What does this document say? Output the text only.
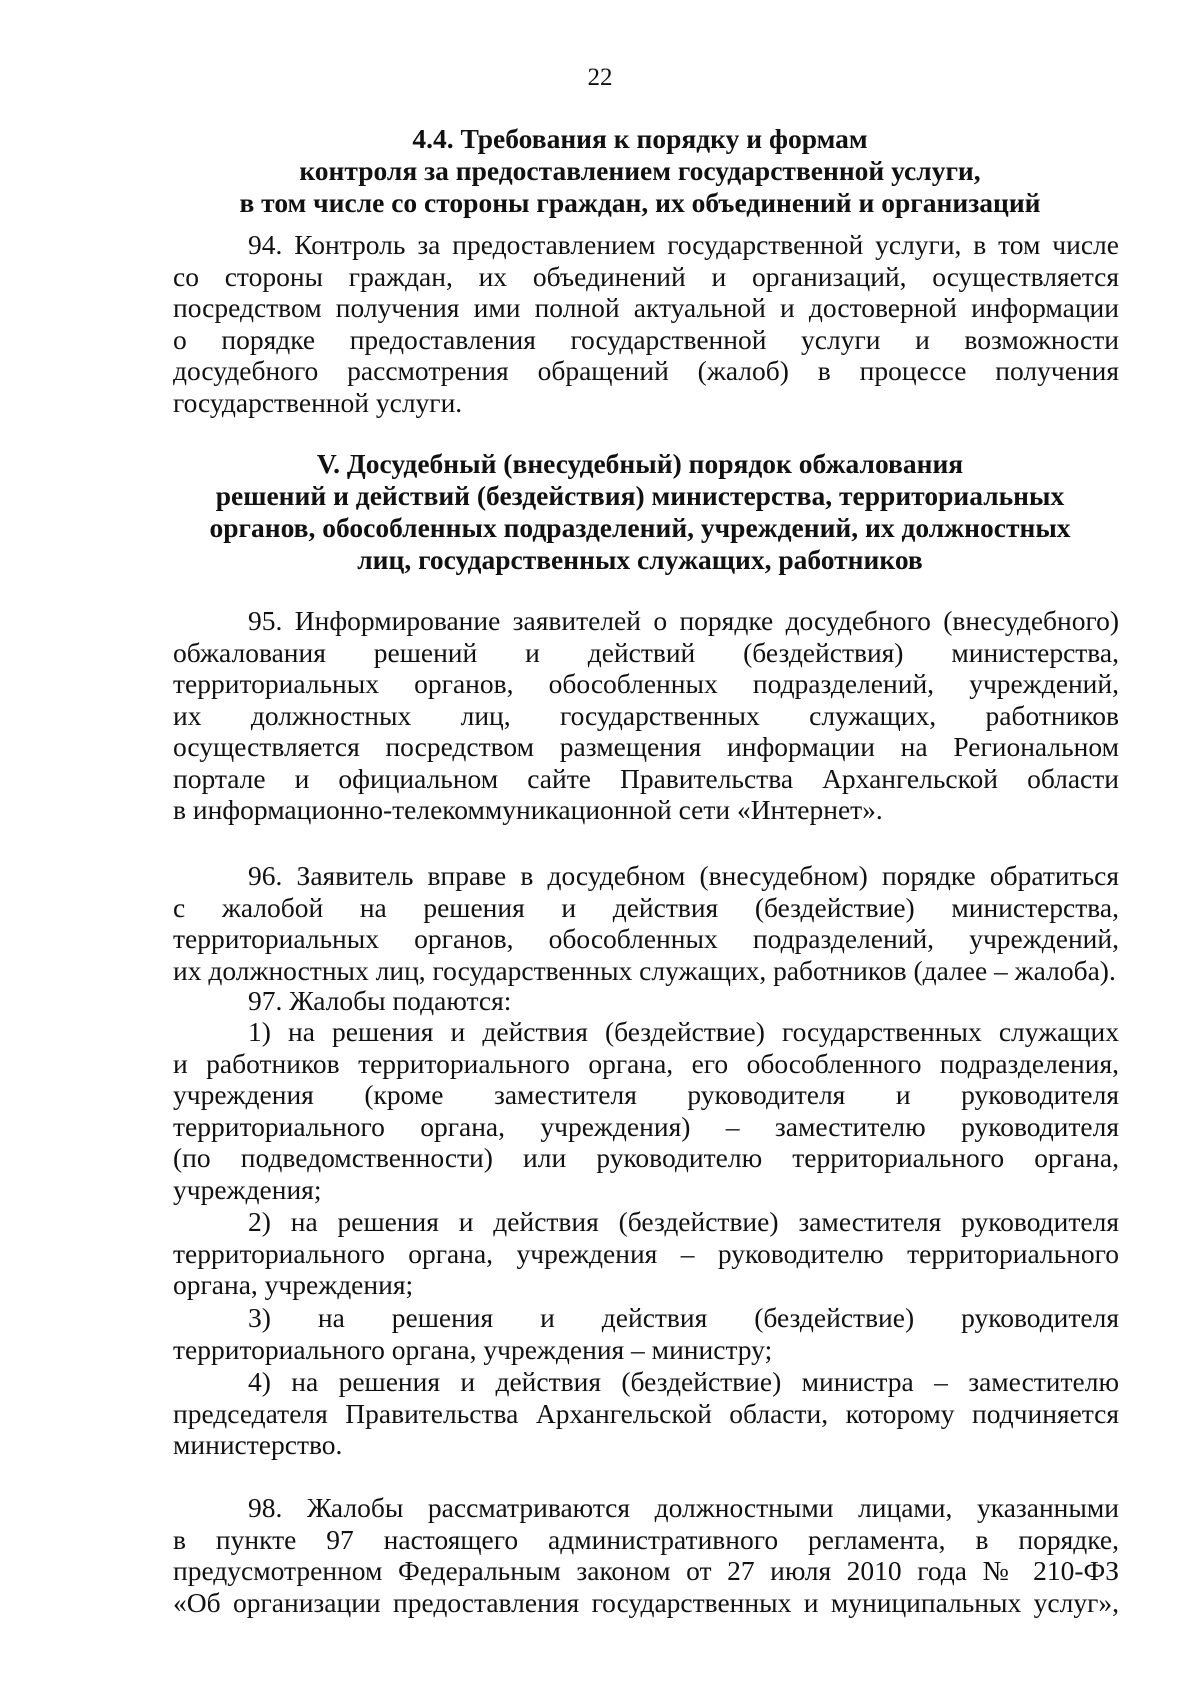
22
4.4. Требования к порядку и формам
контроля за предоставлением государственной услуги,
в том числе со стороны граждан, их объединений и организаций
94. Контроль за предоставлением государственной услуги, в том числе
со стороны граждан, их объединений и организаций, осуществляется
посредством получения ими полной актуальной и достоверной информации
о порядке предоставления государственной услуги и возможности
досудебного рассмотрения обращений (жалоб) в процессе получения
государственной услуги.
V. Досудебный (внесудебный) порядок обжалования
решений и действий (бездействия) министерства, территориальных
органов, обособленных подразделений, учреждений, их должностных
лиц, государственных служащих, работников
95. Информирование заявителей о порядке досудебного (внесудебного)
обжалования решений и действий (бездействия) министерства,
территориальных органов, обособленных подразделений, учреждений,
их должностных лиц, государственных служащих, работников
осуществляется посредством размещения информации на Региональном
портале и официальном сайте Правительства Архангельской области
в информационно-телекоммуникационной сети «Интернет».
96. Заявитель вправе в досудебном (внесудебном) порядке обратиться
с жалобой на решения и действия (бездействие) министерства,
территориальных органов, обособленных подразделений, учреждений,
их должностных лиц, государственных служащих, работников (далее – жалоба).
97. Жалобы подаются:
1) на решения и действия (бездействие) государственных служащих
и работников территориального органа, его обособленного подразделения,
учреждения (кроме заместителя руководителя и руководителя
территориального органа, учреждения) – заместителю руководителя
(по подведомственности) или руководителю территориального органа,
учреждения;
2) на решения и действия (бездействие) заместителя руководителя
территориального органа, учреждения – руководителю территориального
органа, учреждения;
3) на решения и действия (бездействие) руководителя
территориального органа, учреждения – министру;
4) на решения и действия (бездействие) министра – заместителю
председателя Правительства Архангельской области, которому подчиняется
министерство.
98. Жалобы рассматриваются должностными лицами, указанными
в пункте 97 настоящего административного регламента, в порядке,
предусмотренном Федеральным законом от 27 июля 2010 года № 210-ФЗ
«Об организации предоставления государственных и муниципальных услуг»,
